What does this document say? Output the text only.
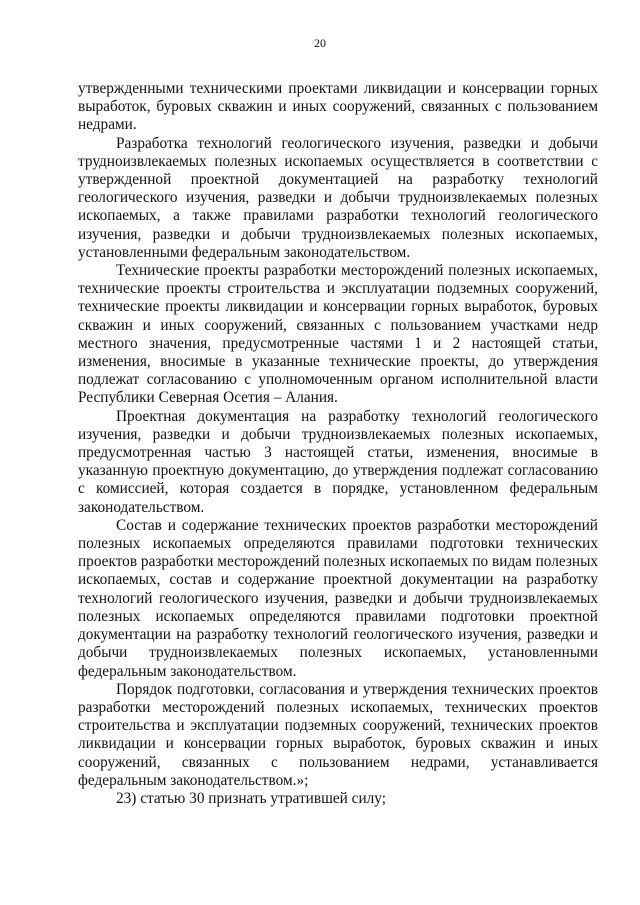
20

утвержденными техническими проектами ликвидации и консервации горных выработок, буровых скважин и иных сооружений, связанных с пользованием недрами.

Разработка технологий геологического изучения, разведки и добычи трудноизвлекаемых полезных ископаемых осуществляется в соответствии с утвержденной проектной документацией на разработку технологий геологического изучения, разведки и добычи трудноизвлекаемых полезных ископаемых, а также правилами разработки технологий геологического изучения, разведки и добычи трудноизвлекаемых полезных ископаемых, установленными федеральным законодательством.

Технические проекты разработки месторождений полезных ископаемых, технические проекты строительства и эксплуатации подземных сооружений, технические проекты ликвидации и консервации горных выработок, буровых скважин и иных сооружений, связанных с пользованием участками недр местного значения, предусмотренные частями 1 и 2 настоящей статьи, изменения, вносимые в указанные технические проекты, до утверждения подлежат согласованию с уполномоченным органом исполнительной власти Республики Северная Осетия – Алания.

Проектная документация на разработку технологий геологического изучения, разведки и добычи трудноизвлекаемых полезных ископаемых, предусмотренная частью 3 настоящей статьи, изменения, вносимые в указанную проектную документацию, до утверждения подлежат согласованию с комиссией, которая создается в порядке, установленном федеральным законодательством.

Состав и содержание технических проектов разработки месторождений полезных ископаемых определяются правилами подготовки технических проектов разработки месторождений полезных ископаемых по видам полезных ископаемых, состав и содержание проектной документации на разработку технологий геологического изучения, разведки и добычи трудноизвлекаемых полезных ископаемых определяются правилами подготовки проектной документации на разработку технологий геологического изучения, разведки и добычи трудноизвлекаемых полезных ископаемых, установленными федеральным законодательством.

Порядок подготовки, согласования и утверждения технических проектов разработки месторождений полезных ископаемых, технических проектов строительства и эксплуатации подземных сооружений, технических проектов ликвидации и консервации горных выработок, буровых скважин и иных сооружений, связанных с пользованием недрами, устанавливается федеральным законодательством.»;

23) статью 30 признать утратившей силу;
